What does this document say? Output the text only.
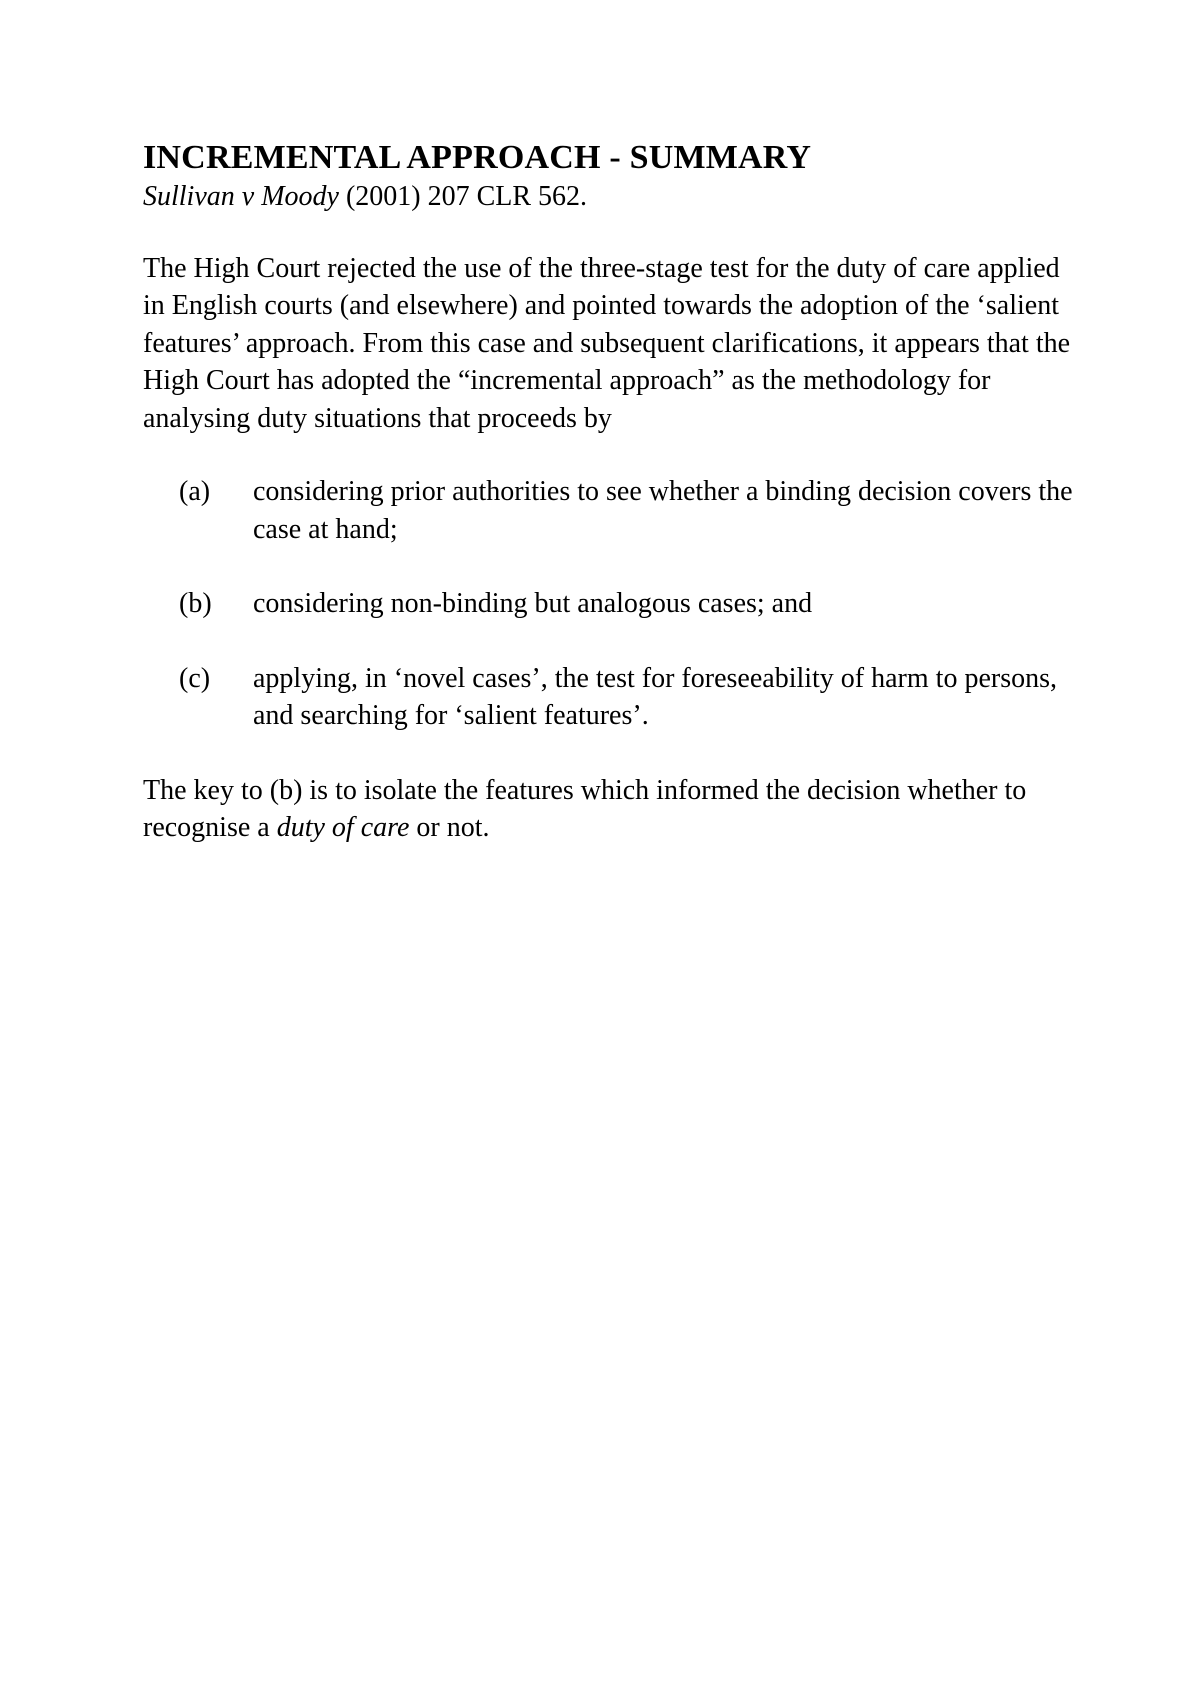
INCREMENTAL APPROACH - SUMMARY

Sullivan v Moody (2001) 207 CLR 562.

The High Court rejected the use of the three-stage test for the duty of care applied in English courts (and elsewhere) and pointed towards the adoption of the ‘salient features’ approach. From this case and subsequent clarifications, it appears that the High Court has adopted the “incremental approach” as the methodology for analysing duty situations that proceeds by

(a)	considering prior authorities to see whether a binding decision covers the case at hand;
(b)	considering non-binding but analogous cases; and
(c)	applying, in ‘novel cases’, the test for foreseeability of harm to persons, and searching for ‘salient features’.

The key to (b) is to isolate the features which informed the decision whether to recognise a duty of care or not.
